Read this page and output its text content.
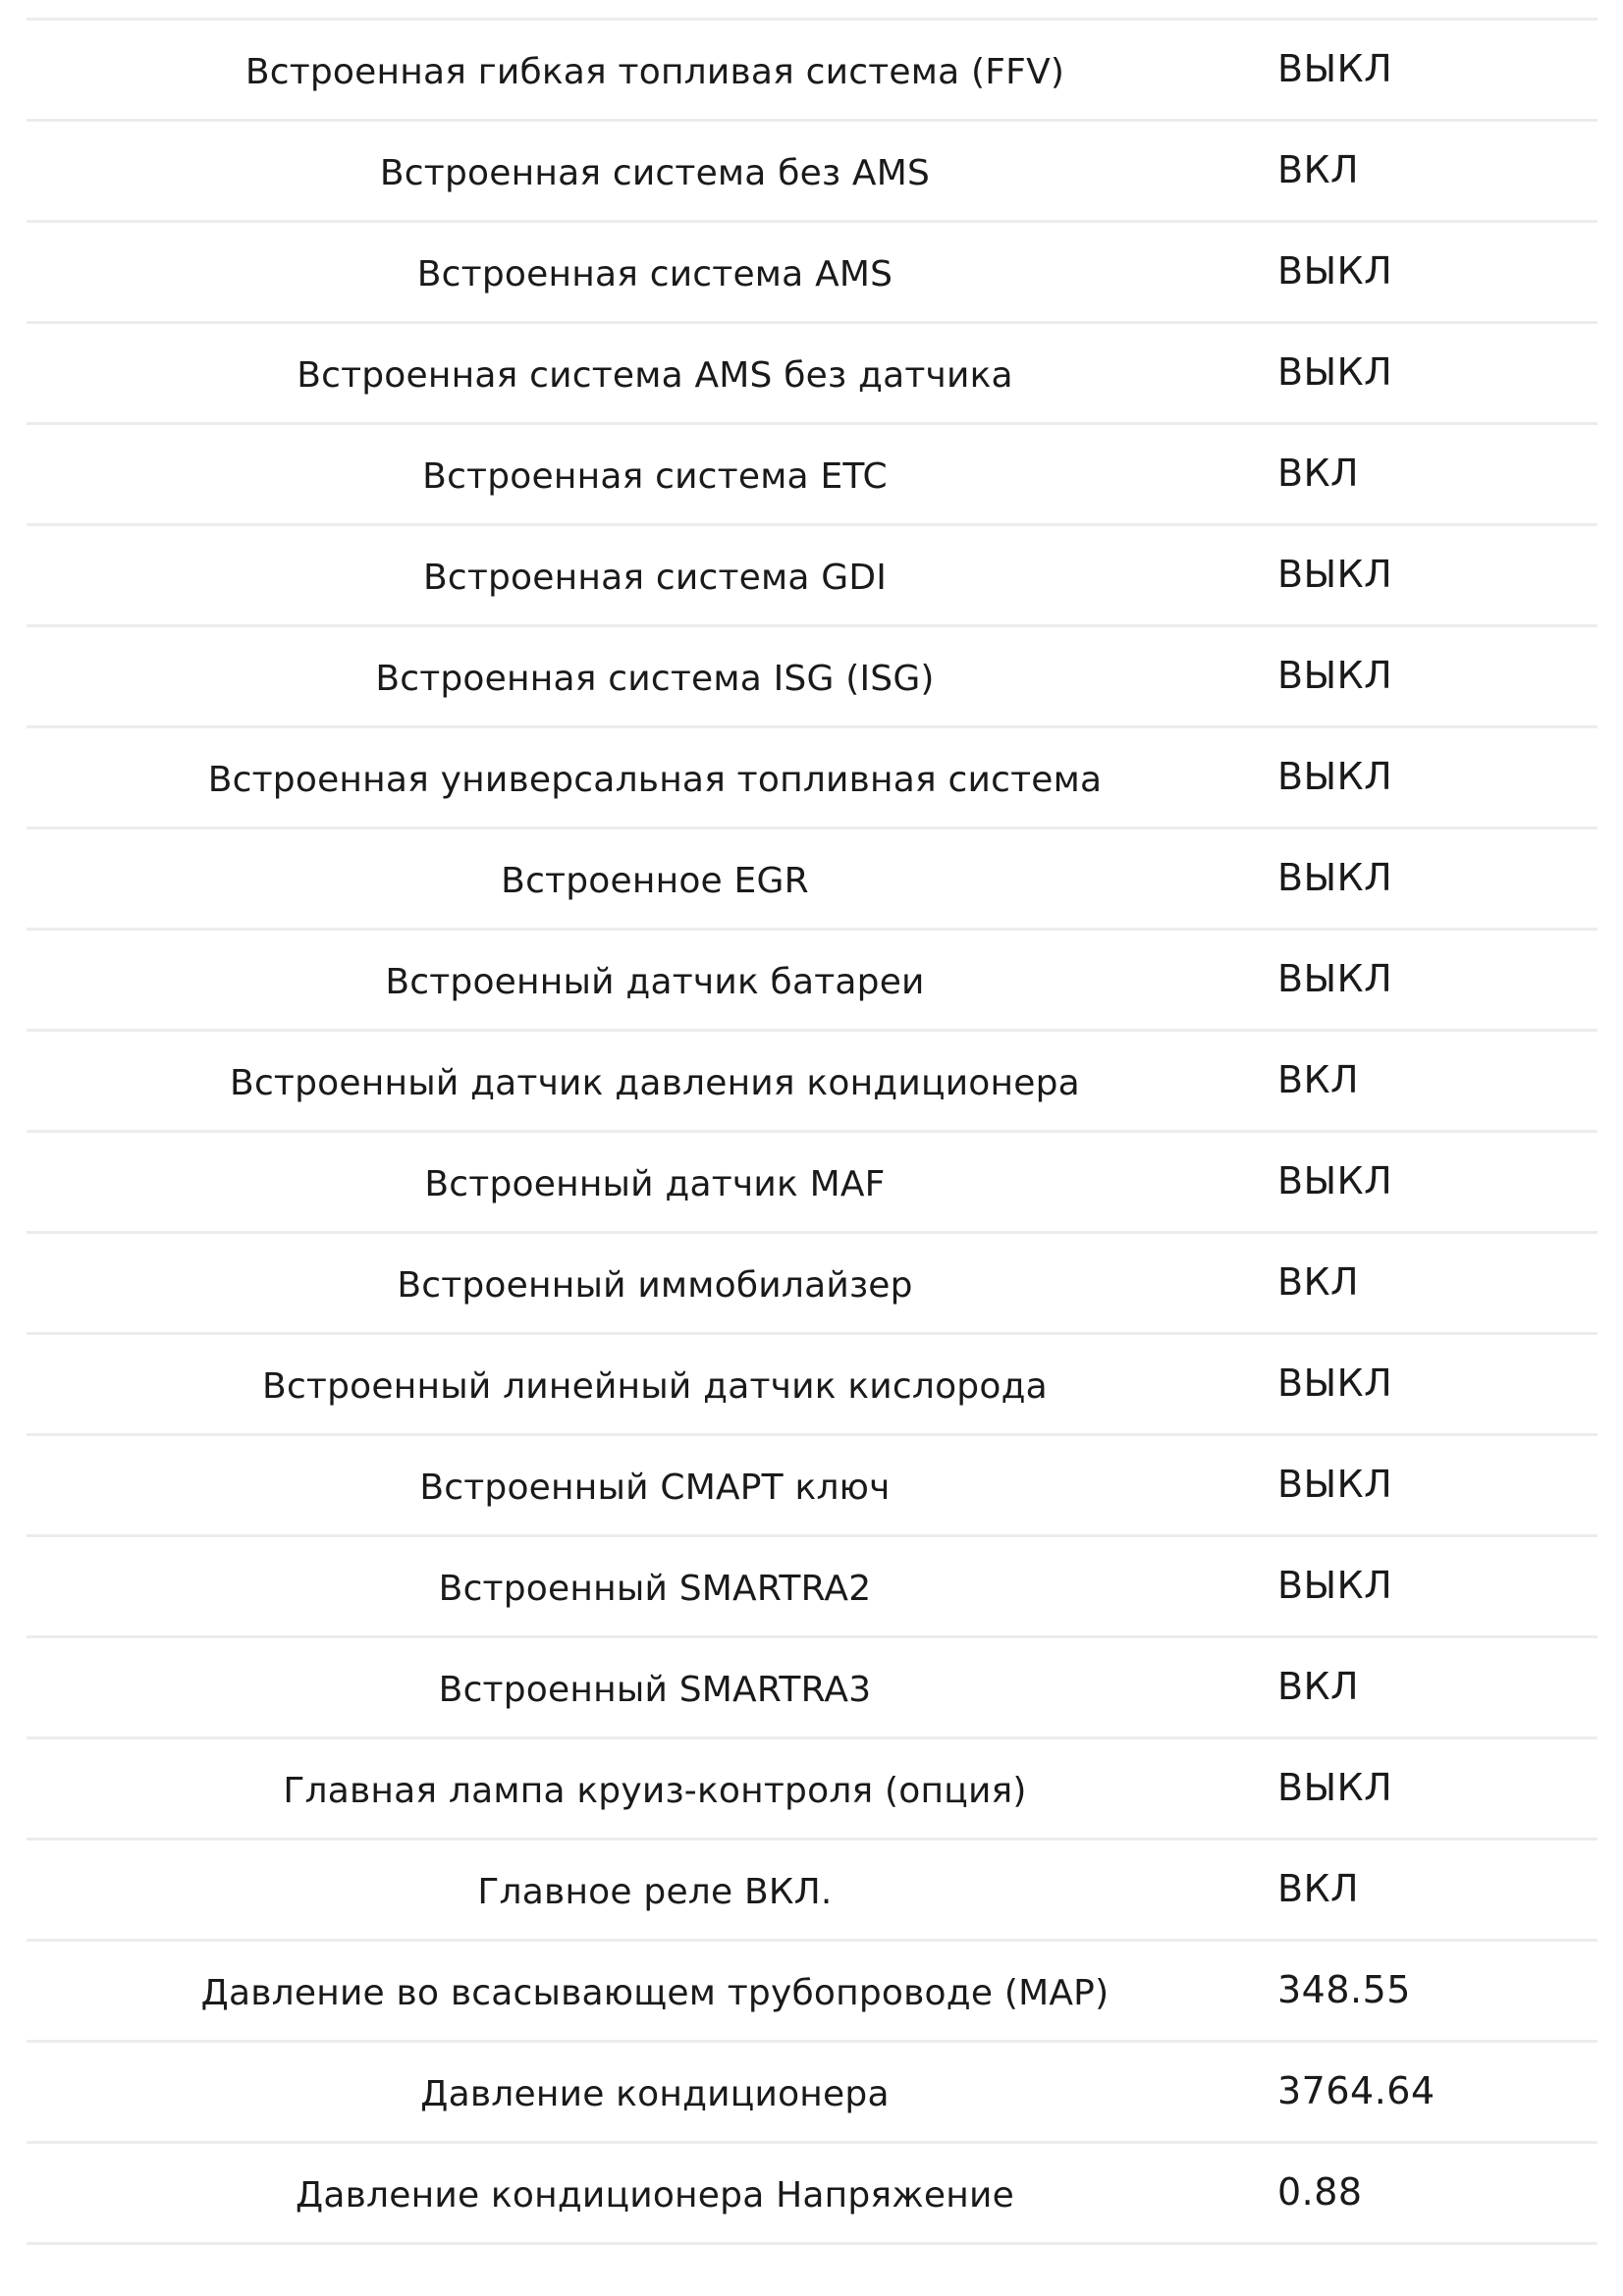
Встроенная гибкая топливая система (FFV)	ВЫКЛ
Встроенная система без AMS	ВКЛ
Встроенная система AMS	ВЫКЛ
Встроенная система AMS без датчика	ВЫКЛ
Встроенная система ETC	ВКЛ
Встроенная система GDI	ВЫКЛ
Встроенная система ISG (ISG)	ВЫКЛ
Встроенная универсальная топливная система	ВЫКЛ
Встроенное EGR	ВЫКЛ
Встроенный датчик батареи	ВЫКЛ
Встроенный датчик давления кондиционера	ВКЛ
Встроенный датчик MAF	ВЫКЛ
Встроенный иммобилайзер	ВКЛ
Встроенный линейный датчик кислорода	ВЫКЛ
Встроенный СМАРТ ключ	ВЫКЛ
Встроенный SMARTRA2	ВЫКЛ
Встроенный SMARTRA3	ВКЛ
Главная лампа круиз-контроля (опция)	ВЫКЛ
Главное реле ВКЛ.	ВКЛ
Давление во всасывающем трубопроводе (MAP)	348.55
Давление кондиционера	3764.64
Давление кондиционера Напряжение	0.88
